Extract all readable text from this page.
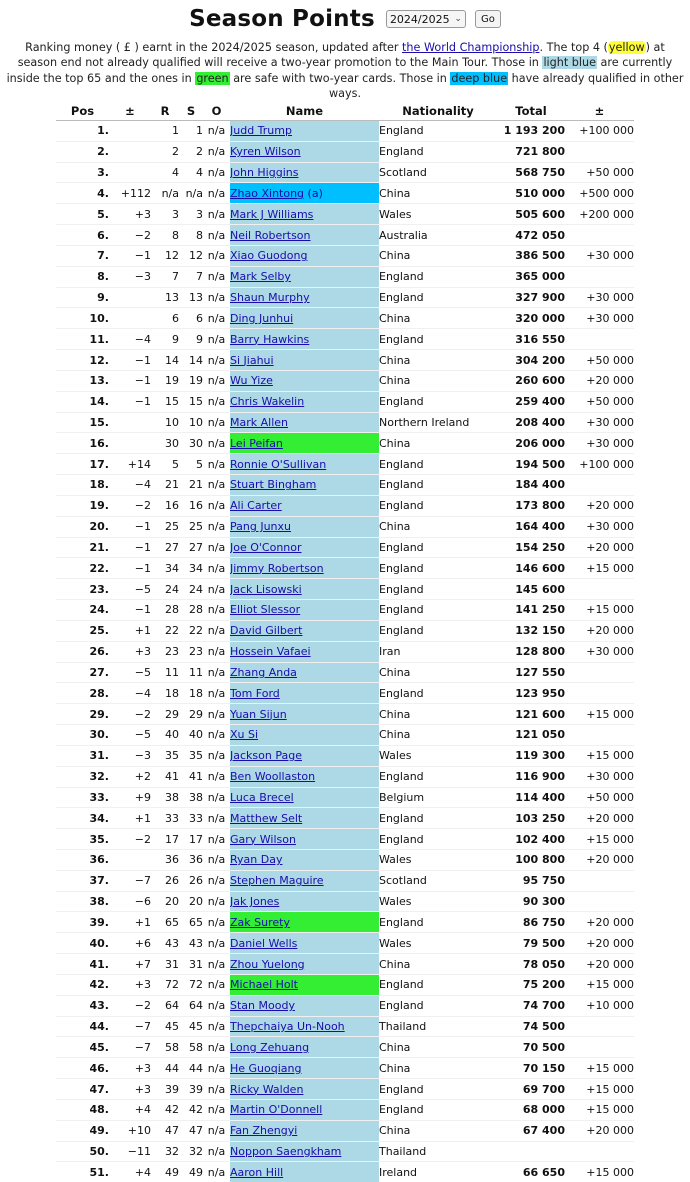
Season Points 2024/2025 ⌄ Go
Ranking money ( £ ) earnt in the 2024/2025 season, updated after the World Championship. The top 4 (yellow) at season end not already qualified will receive a two-year promotion to the Main Tour. Those in light blue are currently inside the top 65 and the ones in green are safe with two-year cards. Those in deep blue have already qualified in other ways.
Pos	±	R	S	O	Name	Nationality	Total	±
1.		1	1	n/a	Judd Trump	England	1 193 200	+100 000
2.		2	2	n/a	Kyren Wilson	England	721 800	
3.		4	4	n/a	John Higgins	Scotland	568 750	+50 000
4.	+112	n/a	n/a	n/a	Zhao Xintong (a)	China	510 000	+500 000
5.	+3	3	3	n/a	Mark J Williams	Wales	505 600	+200 000
6.	−2	8	8	n/a	Neil Robertson	Australia	472 050	
7.	−1	12	12	n/a	Xiao Guodong	China	386 500	+30 000
8.	−3	7	7	n/a	Mark Selby	England	365 000	
9.		13	13	n/a	Shaun Murphy	England	327 900	+30 000
10.		6	6	n/a	Ding Junhui	China	320 000	+30 000
11.	−4	9	9	n/a	Barry Hawkins	England	316 550	
12.	−1	14	14	n/a	Si Jiahui	China	304 200	+50 000
13.	−1	19	19	n/a	Wu Yize	China	260 600	+20 000
14.	−1	15	15	n/a	Chris Wakelin	England	259 400	+50 000
15.		10	10	n/a	Mark Allen	Northern Ireland	208 400	+30 000
16.		30	30	n/a	Lei Peifan	China	206 000	+30 000
17.	+14	5	5	n/a	Ronnie O'Sullivan	England	194 500	+100 000
18.	−4	21	21	n/a	Stuart Bingham	England	184 400	
19.	−2	16	16	n/a	Ali Carter	England	173 800	+20 000
20.	−1	25	25	n/a	Pang Junxu	China	164 400	+30 000
21.	−1	27	27	n/a	Joe O'Connor	England	154 250	+20 000
22.	−1	34	34	n/a	Jimmy Robertson	England	146 600	+15 000
23.	−5	24	24	n/a	Jack Lisowski	England	145 600	
24.	−1	28	28	n/a	Elliot Slessor	England	141 250	+15 000
25.	+1	22	22	n/a	David Gilbert	England	132 150	+20 000
26.	+3	23	23	n/a	Hossein Vafaei	Iran	128 800	+30 000
27.	−5	11	11	n/a	Zhang Anda	China	127 550	
28.	−4	18	18	n/a	Tom Ford	England	123 950	
29.	−2	29	29	n/a	Yuan Sijun	China	121 600	+15 000
30.	−5	40	40	n/a	Xu Si	China	121 050	
31.	−3	35	35	n/a	Jackson Page	Wales	119 300	+15 000
32.	+2	41	41	n/a	Ben Woollaston	England	116 900	+30 000
33.	+9	38	38	n/a	Luca Brecel	Belgium	114 400	+50 000
34.	+1	33	33	n/a	Matthew Selt	England	103 250	+20 000
35.	−2	17	17	n/a	Gary Wilson	England	102 400	+15 000
36.		36	36	n/a	Ryan Day	Wales	100 800	+20 000
37.	−7	26	26	n/a	Stephen Maguire	Scotland	95 750	
38.	−6	20	20	n/a	Jak Jones	Wales	90 300	
39.	+1	65	65	n/a	Zak Surety	England	86 750	+20 000
40.	+6	43	43	n/a	Daniel Wells	Wales	79 500	+20 000
41.	+7	31	31	n/a	Zhou Yuelong	China	78 050	+20 000
42.	+3	72	72	n/a	Michael Holt	England	75 200	+15 000
43.	−2	64	64	n/a	Stan Moody	England	74 700	+10 000
44.	−7	45	45	n/a	Thepchaiya Un-Nooh	Thailand	74 500	
45.	−7	58	58	n/a	Long Zehuang	China	70 500	
46.	+3	44	44	n/a	He Guoqiang	China	70 150	+15 000
47.	+3	39	39	n/a	Ricky Walden	England	69 700	+15 000
48.	+4	42	42	n/a	Martin O'Donnell	England	68 000	+15 000
49.	+10	47	47	n/a	Fan Zhengyi	China	67 400	+20 000
50.	−11	32	32	n/a	Noppon Saengkham	Thailand		
51.	+4	49	49	n/a	Aaron Hill	Ireland	66 650	+15 000
